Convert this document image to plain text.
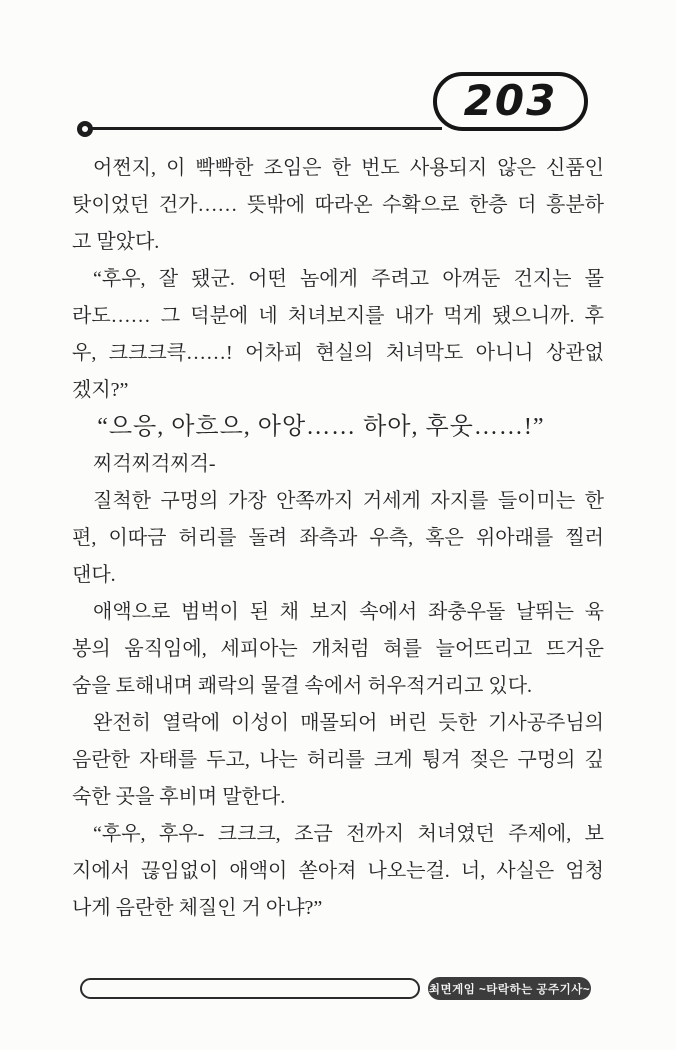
203
어쩐지, 이 빡빡한 조임은 한 번도 사용되지 않은 신품인
탓이었던 건가…… 뜻밖에 따라온 수확으로 한층 더 흥분하
고 말았다.
“후우, 잘 됐군. 어떤 놈에게 주려고 아껴둔 건지는 몰
라도…… 그 덕분에 네 처녀보지를 내가 먹게 됐으니까. 후
우, 크크크큭……! 어차피 현실의 처녀막도 아니니 상관없
겠지?”
“으응, 아흐으, 아앙…… 하아, 후웃……!”
찌걱찌걱찌걱-
질척한 구멍의 가장 안쪽까지 거세게 자지를 들이미는 한
편, 이따금 허리를 돌려 좌측과 우측, 혹은 위아래를 찔러
댄다.
애액으로 범벅이 된 채 보지 속에서 좌충우돌 날뛰는 육
봉의 움직임에, 세피아는 개처럼 혀를 늘어뜨리고 뜨거운
숨을 토해내며 쾌락의 물결 속에서 허우적거리고 있다.
완전히 열락에 이성이 매몰되어 버린 듯한 기사공주님의
음란한 자태를 두고, 나는 허리를 크게 튕겨 젖은 구멍의 깊
숙한 곳을 후비며 말한다.
“후우, 후우- 크크크, 조금 전까지 처녀였던 주제에, 보
지에서 끊임없이 애액이 쏟아져 나오는걸. 너, 사실은 엄청
나게 음란한 체질인 거 아냐?”
최면게임 ~타락하는 공주기사~
